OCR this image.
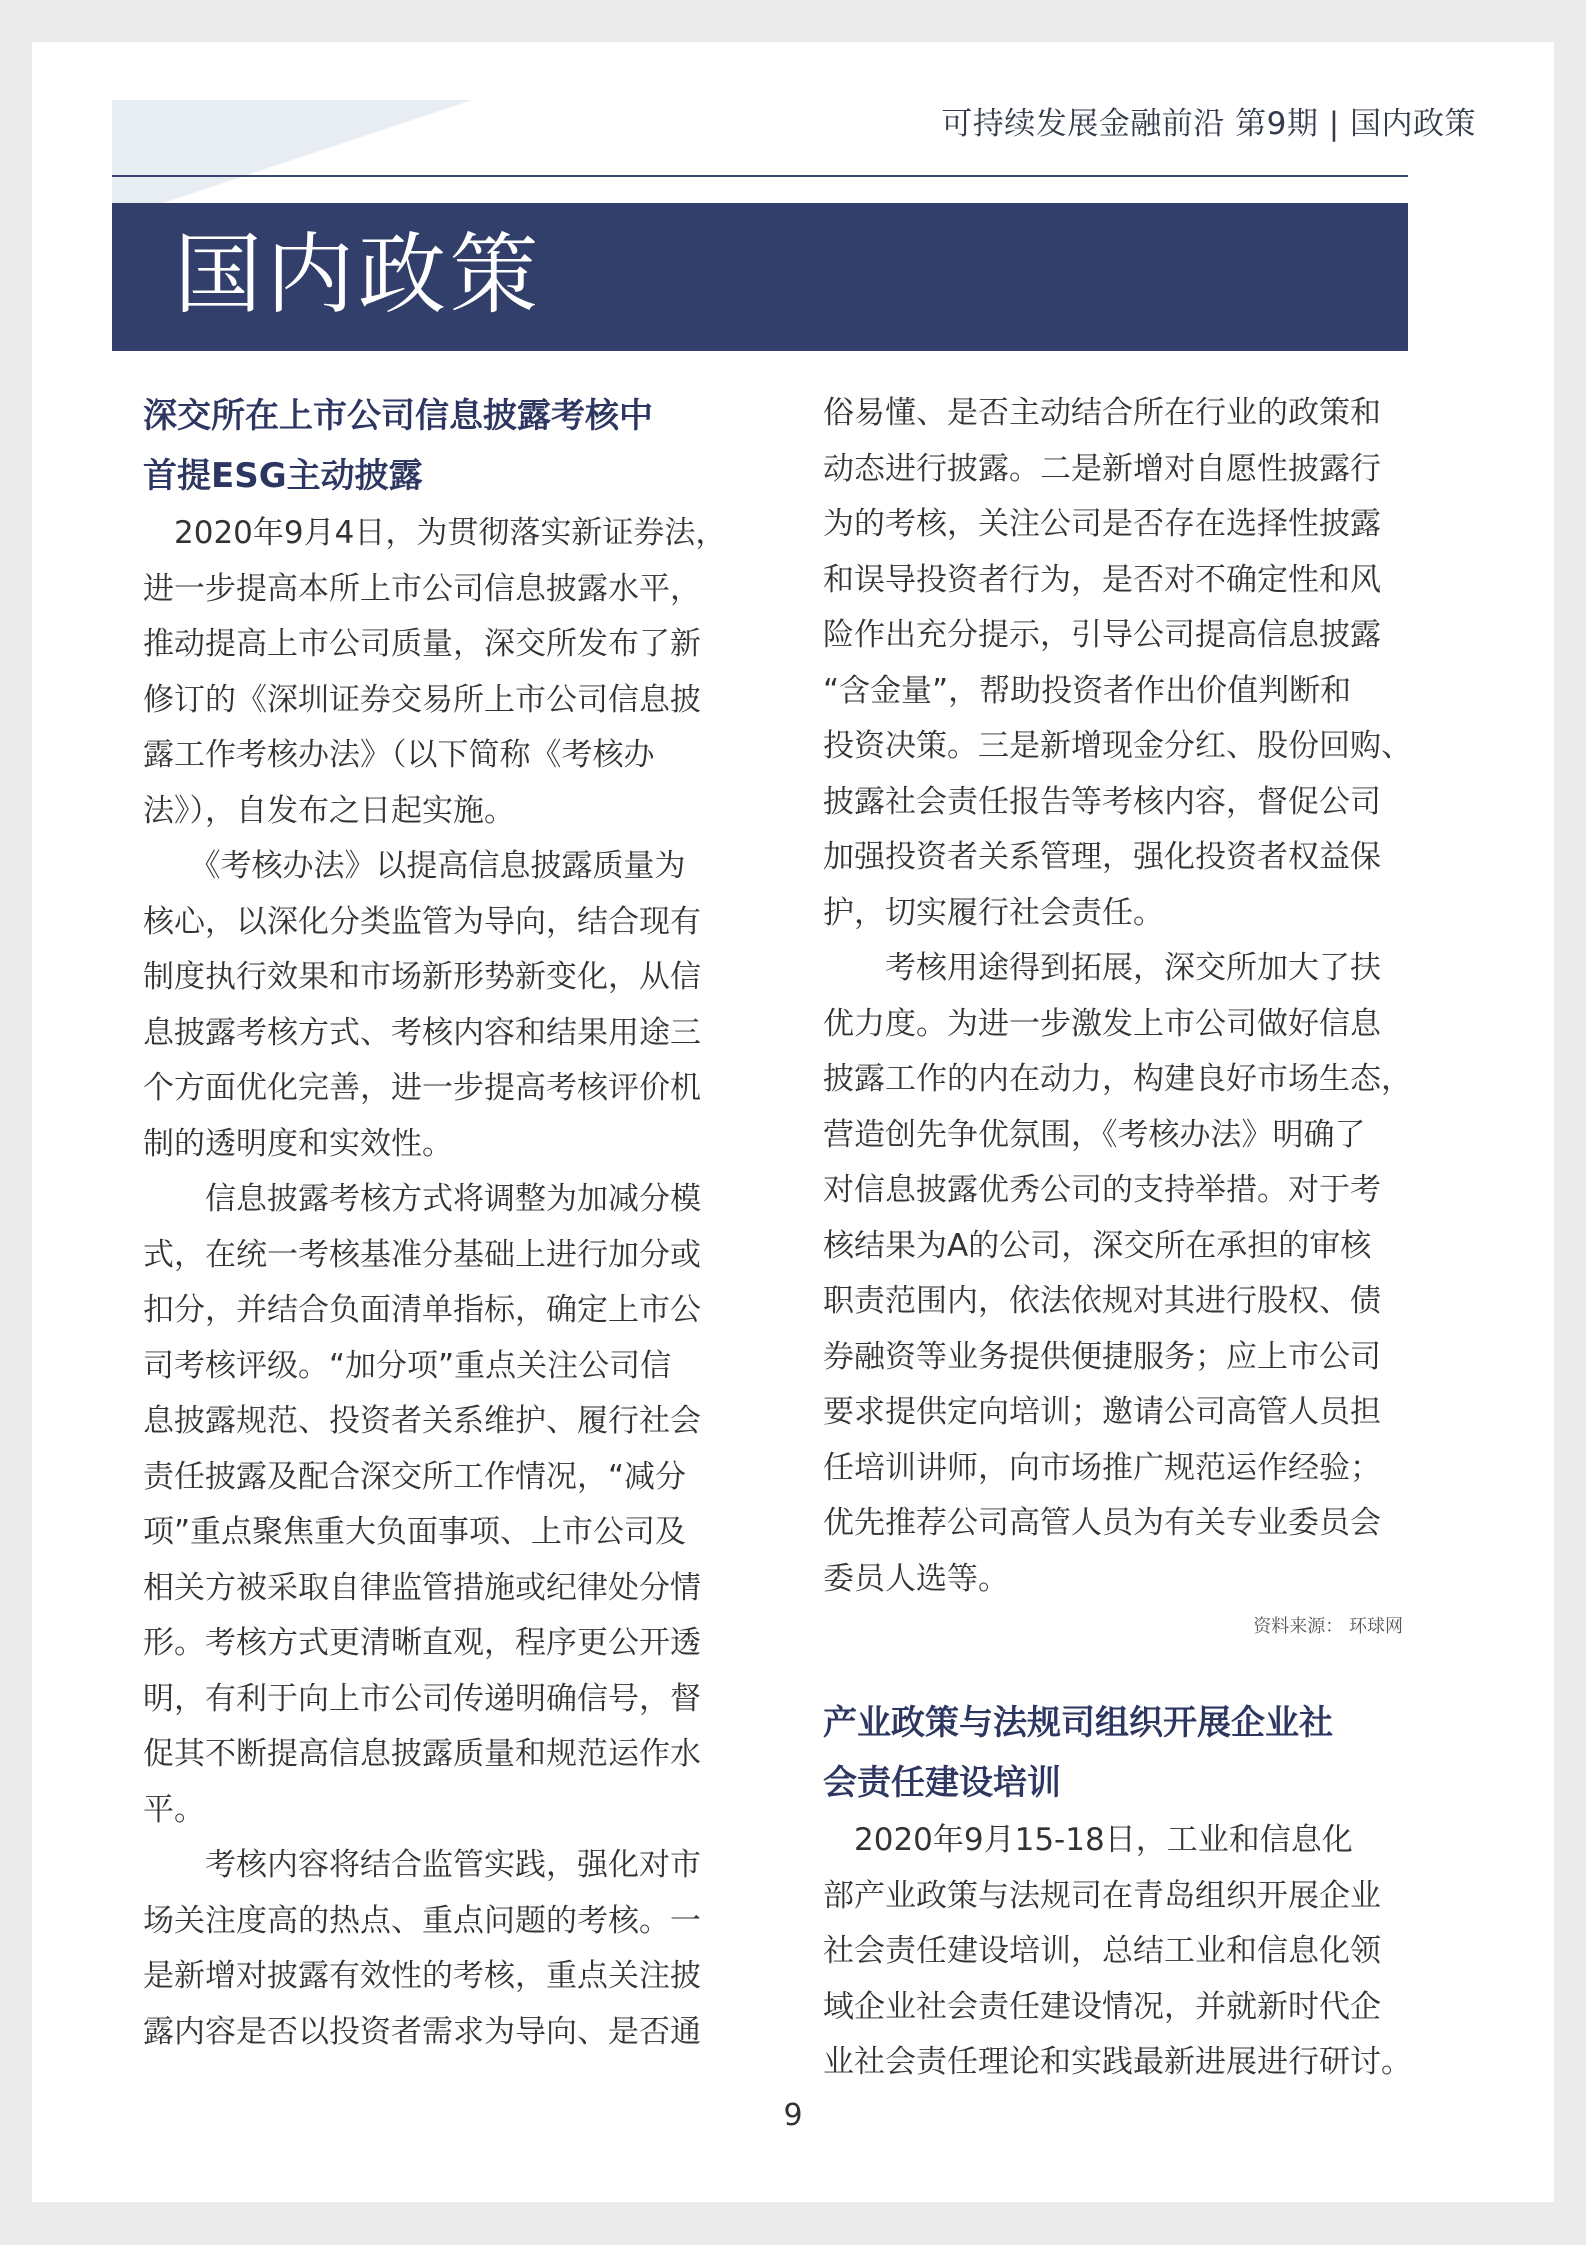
可持续发展金融前沿 第9期 | 国内政策
国内政策
深交所在上市公司信息披露考核中
首提ESG主动披露
　2020年9月4日，为贯彻落实新证券法，
进一步提高本所上市公司信息披露水平，
推动提高上市公司质量，深交所发布了新
修订的《深圳证券交易所上市公司信息披
露工作考核办法》（以下简称《考核办
法》），自发布之日起实施。
　　《考核办法》以提高信息披露质量为
核心，以深化分类监管为导向，结合现有
制度执行效果和市场新形势新变化，从信
息披露考核方式、考核内容和结果用途三
个方面优化完善，进一步提高考核评价机
制的透明度和实效性。
　　信息披露考核方式将调整为加减分模
式，在统一考核基准分基础上进行加分或
扣分，并结合负面清单指标，确定上市公
司考核评级。“加分项”重点关注公司信
息披露规范、投资者关系维护、履行社会
责任披露及配合深交所工作情况，“减分
项”重点聚焦重大负面事项、上市公司及
相关方被采取自律监管措施或纪律处分情
形。考核方式更清晰直观，程序更公开透
明，有利于向上市公司传递明确信号，督
促其不断提高信息披露质量和规范运作水
平。
　　考核内容将结合监管实践，强化对市
场关注度高的热点、重点问题的考核。一
是新增对披露有效性的考核，重点关注披
露内容是否以投资者需求为导向、是否通
俗易懂、是否主动结合所在行业的政策和
动态进行披露。二是新增对自愿性披露行
为的考核，关注公司是否存在选择性披露
和误导投资者行为，是否对不确定性和风
险作出充分提示，引导公司提高信息披露
“含金量”，帮助投资者作出价值判断和
投资决策。三是新增现金分红、股份回购、
披露社会责任报告等考核内容，督促公司
加强投资者关系管理，强化投资者权益保
护，切实履行社会责任。
　　考核用途得到拓展，深交所加大了扶
优力度。为进一步激发上市公司做好信息
披露工作的内在动力，构建良好市场生态，
营造创先争优氛围，《考核办法》明确了
对信息披露优秀公司的支持举措。对于考
核结果为A的公司，深交所在承担的审核
职责范围内，依法依规对其进行股权、债
券融资等业务提供便捷服务；应上市公司
要求提供定向培训；邀请公司高管人员担
任培训讲师，向市场推广规范运作经验；
优先推荐公司高管人员为有关专业委员会
委员人选等。
资料来源： 环球网
产业政策与法规司组织开展企业社
会责任建设培训
　2020年9月15-18日，工业和信息化
部产业政策与法规司在青岛组织开展企业
社会责任建设培训，总结工业和信息化领
域企业社会责任建设情况，并就新时代企
业社会责任理论和实践最新进展进行研讨。
9
